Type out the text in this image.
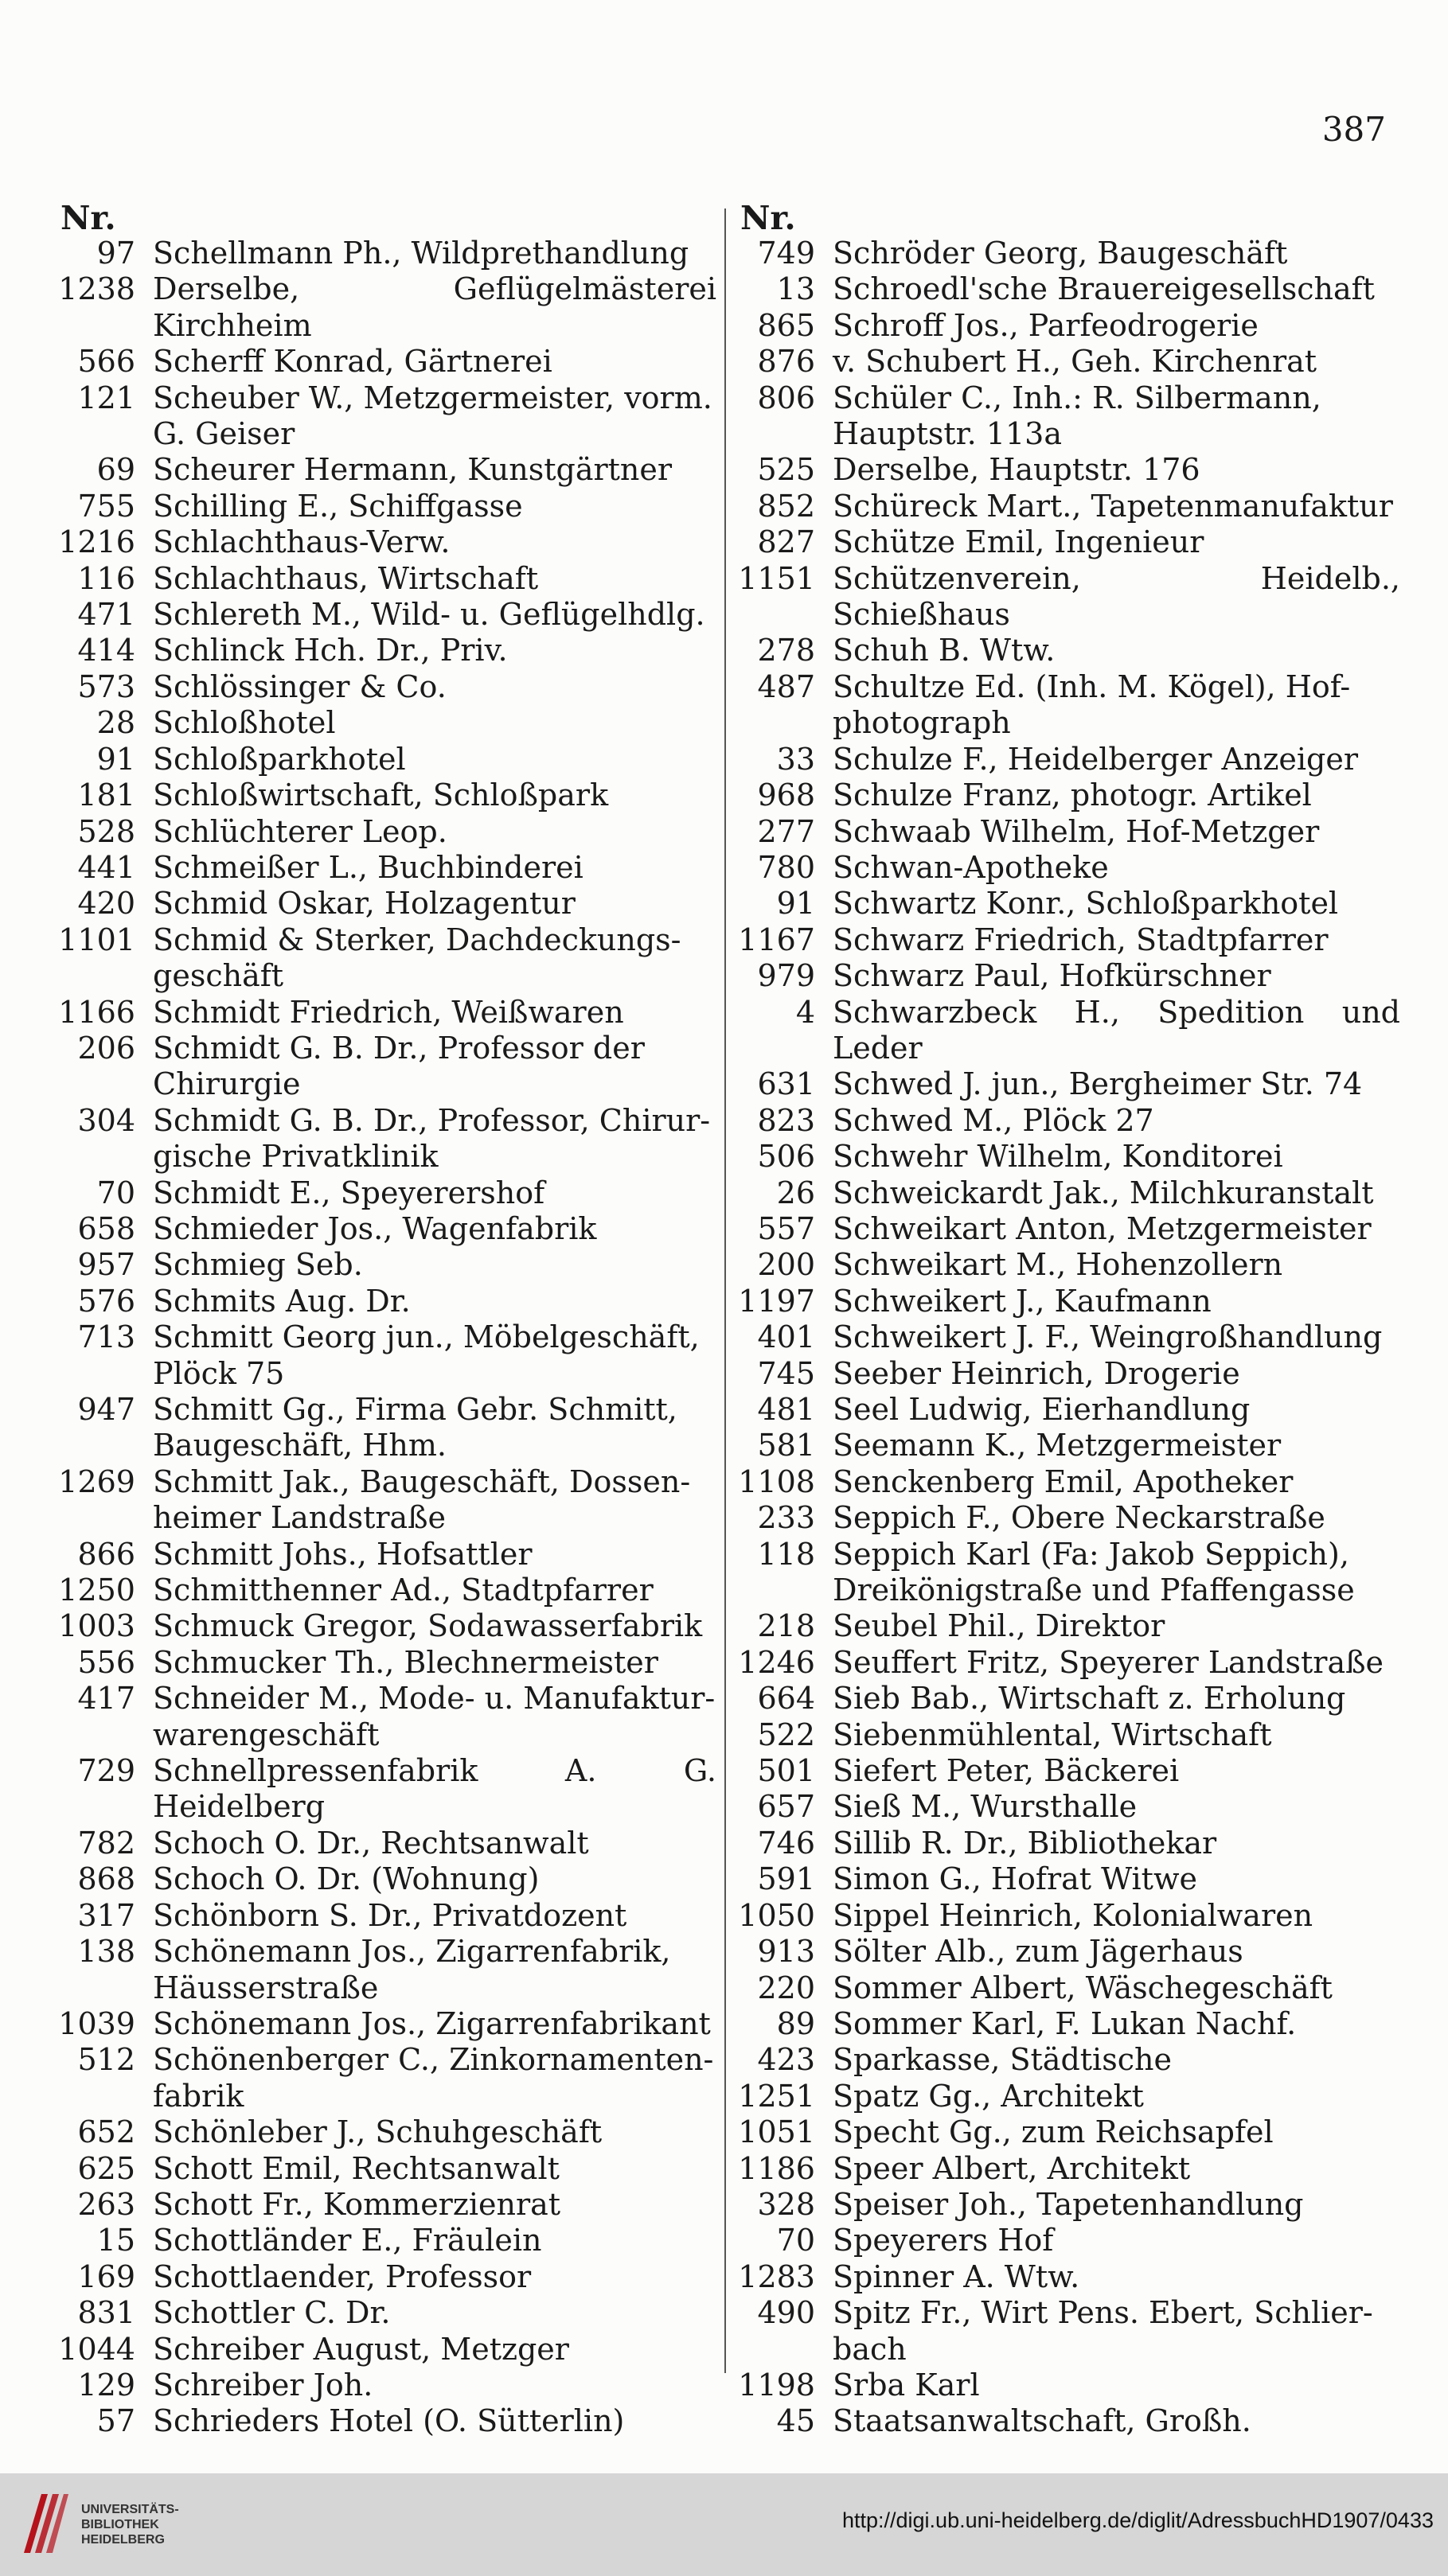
387
Nr.
97 Schellmann Ph., Wildprethandlung
1238 Derselbe, Geflügelmästerei Kirchheim
566 Scherff Konrad, Gärtnerei
121 Scheuber W., Metzgermeister, vorm.
G. Geiser
69 Scheurer Hermann, Kunstgärtner
755 Schilling E., Schiffgasse
1216 Schlachthaus-Verw.
116 Schlachthaus, Wirtschaft
471 Schlereth M., Wild- u. Geflügelhdlg.
414 Schlinck Hch. Dr., Priv.
573 Schlössinger & Co.
28 Schloßhotel
91 Schloßparkhotel
181 Schloßwirtschaft, Schloßpark
528 Schlüchterer Leop.
441 Schmeißer L., Buchbinderei
420 Schmid Oskar, Holzagentur
1101 Schmid & Sterker, Dachdeckungs-
geschäft
1166 Schmidt Friedrich, Weißwaren
206 Schmidt G. B. Dr., Professor der
Chirurgie
304 Schmidt G. B. Dr., Professor, Chirur-
gische Privatklinik
70 Schmidt E., Speyerershof
658 Schmieder Jos., Wagenfabrik
957 Schmieg Seb.
576 Schmits Aug. Dr.
713 Schmitt Georg jun., Möbelgeschäft,
Plöck 75
947 Schmitt Gg., Firma Gebr. Schmitt,
Baugeschäft, Hhm.
1269 Schmitt Jak., Baugeschäft, Dossen-
heimer Landstraße
866 Schmitt Johs., Hofsattler
1250 Schmitthenner Ad., Stadtpfarrer
1003 Schmuck Gregor, Sodawasserfabrik
556 Schmucker Th., Blechnermeister
417 Schneider M., Mode- u. Manufaktur-
warengeschäft
729 Schnellpressenfabrik A. G. Heidelberg
782 Schoch O. Dr., Rechtsanwalt
868 Schoch O. Dr. (Wohnung)
317 Schönborn S. Dr., Privatdozent
138 Schönemann Jos., Zigarrenfabrik,
Häusserstraße
1039 Schönemann Jos., Zigarrenfabrikant
512 Schönenberger C., Zinkornamenten-
fabrik
652 Schönleber J., Schuhgeschäft
625 Schott Emil, Rechtsanwalt
263 Schott Fr., Kommerzienrat
15 Schottländer E., Fräulein
169 Schottlaender, Professor
831 Schottler C. Dr.
1044 Schreiber August, Metzger
129 Schreiber Joh.
57 Schrieders Hotel (O. Sütterlin)
Nr.
749 Schröder Georg, Baugeschäft
13 Schroedl'sche Brauereigesellschaft
865 Schroff Jos., Parfeodrogerie
876 v. Schubert H., Geh. Kirchenrat
806 Schüler C., Inh.: R. Silbermann,
Hauptstr. 113a
525 Derselbe, Hauptstr. 176
852 Schüreck Mart., Tapetenmanufaktur
827 Schütze Emil, Ingenieur
1151 Schützenverein, Heidelb., Schießhaus
278 Schuh B. Wtw.
487 Schultze Ed. (Inh. M. Kögel), Hof-
photograph
33 Schulze F., Heidelberger Anzeiger
968 Schulze Franz, photogr. Artikel
277 Schwaab Wilhelm, Hof-Metzger
780 Schwan-Apotheke
91 Schwartz Konr., Schloßparkhotel
1167 Schwarz Friedrich, Stadtpfarrer
979 Schwarz Paul, Hofkürschner
4 Schwarzbeck H., Spedition und Leder
631 Schwed J. jun., Bergheimer Str. 74
823 Schwed M., Plöck 27
506 Schwehr Wilhelm, Konditorei
26 Schweickardt Jak., Milchkuranstalt
557 Schweikart Anton, Metzgermeister
200 Schweikart M., Hohenzollern
1197 Schweikert J., Kaufmann
401 Schweikert J. F., Weingroßhandlung
745 Seeber Heinrich, Drogerie
481 Seel Ludwig, Eierhandlung
581 Seemann K., Metzgermeister
1108 Senckenberg Emil, Apotheker
233 Seppich F., Obere Neckarstraße
118 Seppich Karl (Fa: Jakob Seppich),
Dreikönigstraße und Pfaffengasse
218 Seubel Phil., Direktor
1246 Seuffert Fritz, Speyerer Landstraße
664 Sieb Bab., Wirtschaft z. Erholung
522 Siebenmühlental, Wirtschaft
501 Siefert Peter, Bäckerei
657 Sieß M., Wursthalle
746 Sillib R. Dr., Bibliothekar
591 Simon G., Hofrat Witwe
1050 Sippel Heinrich, Kolonialwaren
913 Sölter Alb., zum Jägerhaus
220 Sommer Albert, Wäschegeschäft
89 Sommer Karl, F. Lukan Nachf.
423 Sparkasse, Städtische
1251 Spatz Gg., Architekt
1051 Specht Gg., zum Reichsapfel
1186 Speer Albert, Architekt
328 Speiser Joh., Tapetenhandlung
70 Speyerers Hof
1283 Spinner A. Wtw.
490 Spitz Fr., Wirt Pens. Ebert, Schlier-
bach
1198 Srba Karl
45 Staatsanwaltschaft, Großh.
UNIVERSITÄTS-
BIBLIOTHEK
HEIDELBERG
http://digi.ub.uni-heidelberg.de/diglit/AdressbuchHD1907/0433
